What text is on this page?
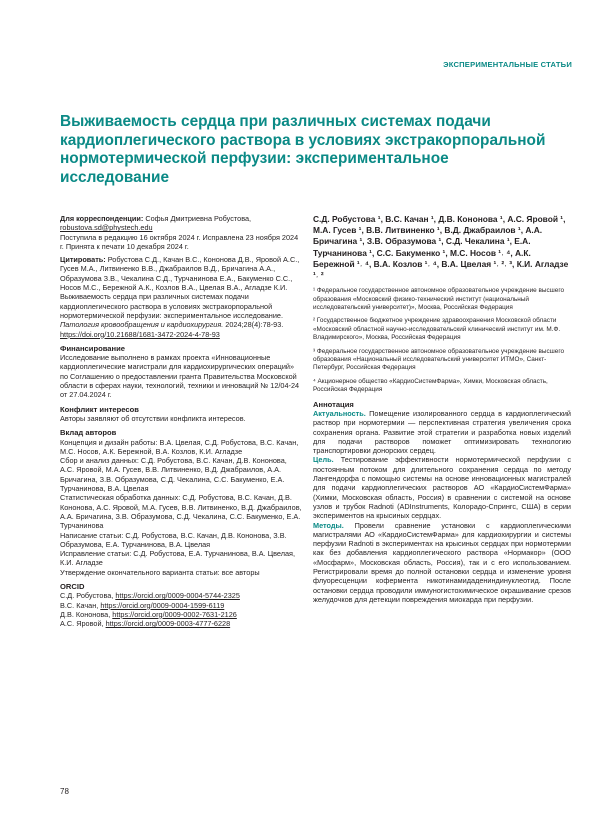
ЭКСПЕРИМЕНТАЛЬНЫЕ СТАТЬИ
Выживаемость сердца при различных системах подачи кардиоплегического раствора в условиях экстракорпоральной нормотермической перфузии: экспериментальное исследование

Для корреспонденции: Софья Дмитриевна Робустова,
robustova.sd@phystech.edu

Поступила в редакцию 16 октября 2024 г. Исправлена 23 ноября 2024 г. Принята к печати 10 декабря 2024 г.

Цитировать: Робустова С.Д., Качан В.С., Кононова Д.В., Яровой А.С., Гусев М.А., Литвиненко В.В., Джабраилов В.Д., Бричагина А.А., Образумова З.В., Чекалина С.Д., Турчанинова Е.А., Бакуменко С.С., Носов М.С., Бережной А.К., Козлов В.А., Цвелая В.А., Агладзе К.И. Выживаемость сердца при различных системах подачи кардиоплегического раствора в условиях экстракорпоральной нормотермической перфузии: экспериментальное исследование. Патология кровообращения и кардиохирургия. 2024;28(4):78-93. https://doi.org/10.21688/1681-3472-2024-4-78-93

Финансирование

Исследование выполнено в рамках проекта «Инновационные кардиоплегические магистрали для кардиохирургических операций» по Соглашению о предоставлении гранта Правительства Московской области в сферах науки, технологий, техники и инноваций № 12/04-24 от 27.04.2024 г.

Конфликт интересов

Авторы заявляют об отсутствии конфликта интересов.

Вклад авторов

Концепция и дизайн работы: В.А. Цвелая, С.Д. Робустова, В.С. Качан, М.С. Носов, А.К. Бережной, В.А. Козлов, К.И. Агладзе

Сбор и анализ данных: С.Д. Робустова, В.С. Качан, Д.В. Кононова, А.С. Яровой, М.А. Гусев, В.В. Литвиненко, В.Д. Джабраилов, А.А. Бричагина, З.В. Образумова, С.Д. Чекалина, С.С. Бакуменко, Е.А. Турчанинова, В.А. Цвелая

Статистическая обработка данных: С.Д. Робустова, В.С. Качан, Д.В. Кононова, А.С. Яровой, М.А. Гусев, В.В. Литвиненко, В.Д. Джабраилов, А.А. Бричагина, З.В. Образумова, С.Д. Чекалина, С.С. Бакуменко, Е.А. Турчанинова

Написание статьи: С.Д. Робустова, В.С. Качан, Д.В. Кононова, З.В. Образумова, Е.А. Турчанинова, В.А. Цвелая

Исправление статьи: С.Д. Робустова, Е.А. Турчанинова, В.А. Цвелая, К.И. Агладзе

Утверждение окончательного варианта статьи: все авторы

ORCID

С.Д. Робустова, https://orcid.org/0009-0004-5744-2325

В.С. Качан, https://orcid.org/0009-0004-1599-6119

Д.В. Кононова, https://orcid.org/0009-0002-7631-2126

А.С. Яровой, https://orcid.org/0009-0003-4777-6228

С.Д. Робустова ¹, В.С. Качан ¹, Д.В. Кононова ¹, А.С. Яровой ¹, М.А. Гусев ¹, В.В. Литвиненко ¹, В.Д. Джабраилов ¹, А.А. Бричагина ¹, З.В. Образумова ¹, С.Д. Чекалина ¹, Е.А. Турчанинова ¹, С.С. Бакуменко ¹, М.С. Носов ¹˒ ⁴, А.К. Бережной ¹˒ ⁴, В.А. Козлов ¹˒ ⁴, В.А. Цвелая ¹˒ ²˒ ³, К.И. Агладзе ¹˒ ²

¹ Федеральное государственное автономное образовательное учреждение высшего образования «Московский физико-технический институт (национальный исследовательский университет)», Москва, Российская Федерация

² Государственное бюджетное учреждение здравоохранения Московской области «Московский областной научно-исследовательский клинический институт им. М.Ф. Владимирского», Москва, Российская Федерация

³ Федеральное государственное автономное образовательное учреждение высшего образования «Национальный исследовательский университет ИТМО», Санкт-Петербург, Российская Федерация

⁴ Акционерное общество «КардиоСистемФарма», Химки, Московская область, Российская Федерация

Аннотация

Актуальность. Помещение изолированного сердца в кардиоплегический раствор при нормотермии — перспективная стратегия увеличения срока сохранения органа. Развитие этой стратегии и разработка новых изделий для подачи растворов поможет оптимизировать технологию транспортировки донорских сердец.

Цель. Тестирование эффективности нормотермической перфузии с постоянным потоком для длительного сохранения сердца по методу Лангендорфа с помощью системы на основе инновационных магистралей для подачи кардиоплегических растворов АО «КардиоСистемФарма» (Химки, Московская область, Россия) в сравнении с системой на основе узлов и трубок Radnoti (ADInstruments, Колорадо-Спрингс, США) в серии экспериментов на крысиных сердцах.

Методы. Провели сравнение установки с кардиоплегическими магистралями АО «КардиоСистемФарма» для кардиохирургии и системы перфузии Radnoti в экспериментах на крысиных сердцах при нормотермии как без добавления кардиоплегического раствора «Нормакор» (ООО «Мосфарм», Московская область, Россия), так и с его использованием. Регистрировали время до полной остановки сердца и изменение уровня флуоресценции кофермента никотинамидадениндинуклеотид. После остановки сердца проводили иммуногистохимическое окрашивание срезов желудочков для детекции повреждения миокарда при перфузии.

78
